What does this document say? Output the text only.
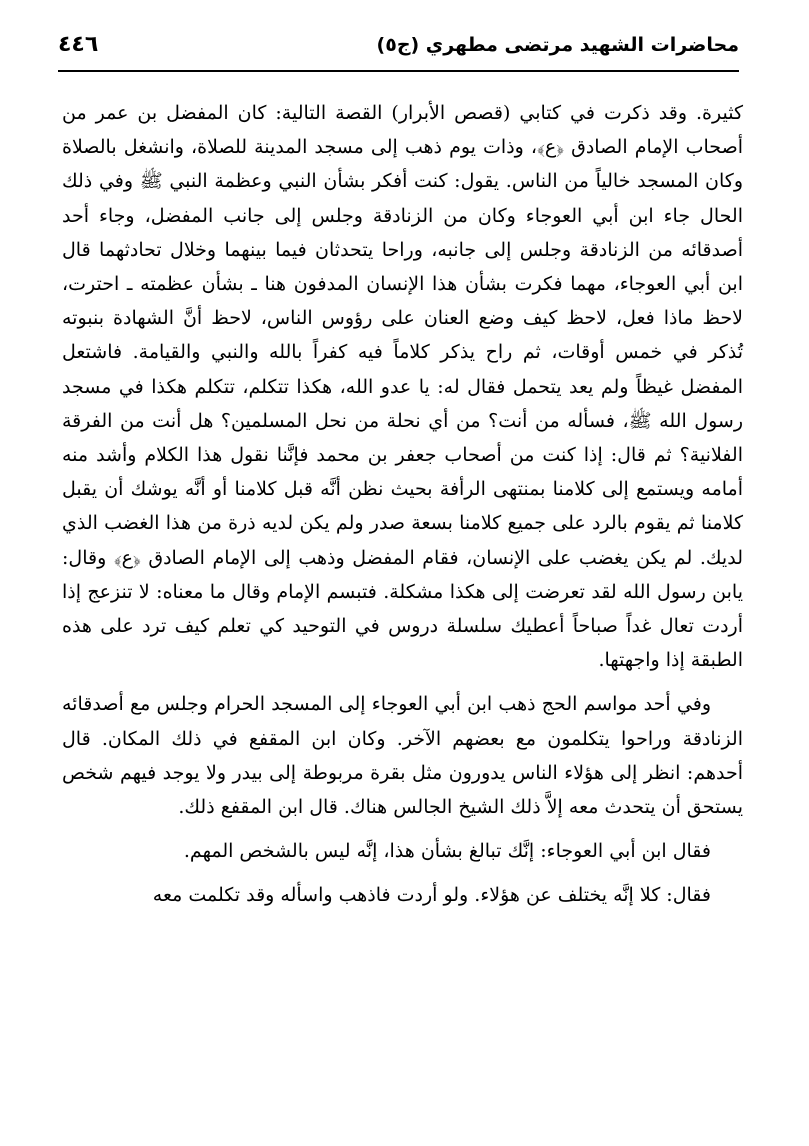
محاضرات الشهيد مرتضى مطهري (ج٥)
٤٤٦

كثيرة. وقد ذكرت في كتابي (قصص الأبرار) القصة التالية: كان المفضل بن عمر من أصحاب الإمام الصادق ﴿ع﴾، وذات يوم ذهب إلى مسجد المدينة للصلاة، وانشغل بالصلاة وكان المسجد خالياً من الناس. يقول: كنت أفكر بشأن النبي وعظمة النبي ﷺ وفي ذلك الحال جاء ابن أبي العوجاء وكان من الزنادقة وجلس إلى جانب المفضل، وجاء أحد أصدقائه من الزنادقة وجلس إلى جانبه، وراحا يتحدثان فيما بينهما وخلال تحادثهما قال ابن أبي العوجاء، مهما فكرت بشأن هذا الإنسان المدفون هنا ـ بشأن عظمته ـ احترت، لاحظ ماذا فعل، لاحظ كيف وضع العنان على رؤوس الناس، لاحظ أنَّ الشهادة بنبوته تُذكر في خمس أوقات، ثم راح يذكر كلاماً فيه كفراً بالله والنبي والقيامة. فاشتعل المفضل غيظاً ولم يعد يتحمل فقال له: يا عدو الله، هكذا تتكلم، تتكلم هكذا في مسجد رسول الله ﷺ، فسأله من أنت؟ من أي نحلة من نحل المسلمين؟ هل أنت من الفرقة الفلانية؟ ثم قال: إذا كنت من أصحاب جعفر بن محمد فإنَّنا نقول هذا الكلام وأشد منه أمامه ويستمع إلى كلامنا بمنتهى الرأفة بحيث نظن أنَّه قبل كلامنا أو أنَّه يوشك أن يقبل كلامنا ثم يقوم بالرد على جميع كلامنا بسعة صدر ولم يكن لديه ذرة من هذا الغضب الذي لديك. لم يكن يغضب على الإنسان، فقام المفضل وذهب إلى الإمام الصادق ﴿ع﴾ وقال: يابن رسول الله لقد تعرضت إلى هكذا مشكلة. فتبسم الإمام وقال ما معناه: لا تنزعج إذا أردت تعال غداً صباحاً أعطيك سلسلة دروس في التوحيد كي تعلم كيف ترد على هذه الطبقة إذا واجهتها.

وفي أحد مواسم الحج ذهب ابن أبي العوجاء إلى المسجد الحرام وجلس مع أصدقائه الزنادقة وراحوا يتكلمون مع بعضهم الآخر. وكان ابن المقفع في ذلك المكان. قال أحدهم: انظر إلى هؤلاء الناس يدورون مثل بقرة مربوطة إلى بيدر ولا يوجد فيهم شخص يستحق أن يتحدث معه إلاَّ ذلك الشيخ الجالس هناك. قال ابن المقفع ذلك.

فقال ابن أبي العوجاء: إنَّك تبالغ بشأن هذا، إنَّه ليس بالشخص المهم.

فقال: كلا إنَّه يختلف عن هؤلاء. ولو أردت فاذهب واسأله وقد تكلمت معه
